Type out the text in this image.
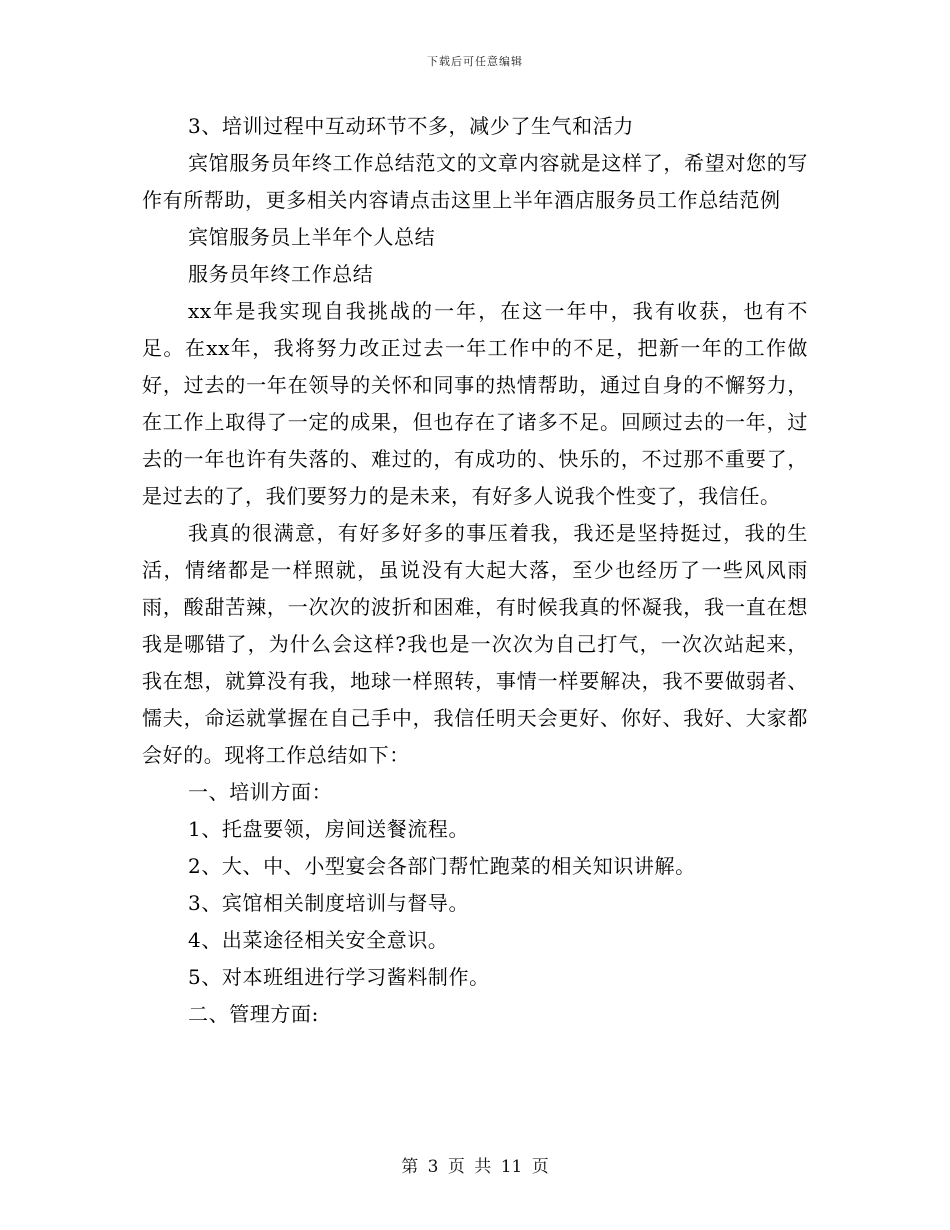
下载后可任意编辑

3、培训过程中互动环节不多，减少了生气和活力

宾馆服务员年终工作总结范文的文章内容就是这样了，希望对您的写作有所帮助，更多相关内容请点击这里上半年酒店服务员工作总结范例

宾馆服务员上半年个人总结

服务员年终工作总结

xx年是我实现自我挑战的一年，在这一年中，我有收获，也有不足。在xx年，我将努力改正过去一年工作中的不足，把新一年的工作做好，过去的一年在领导的关怀和同事的热情帮助，通过自身的不懈努力，在工作上取得了一定的成果，但也存在了诸多不足。回顾过去的一年，过去的一年也许有失落的、难过的，有成功的、快乐的，不过那不重要了，是过去的了，我们要努力的是未来，有好多人说我个性变了，我信任。

我真的很满意，有好多好多的事压着我，我还是坚持挺过，我的生活，情绪都是一样照就，虽说没有大起大落，至少也经历了一些风风雨雨，酸甜苦辣，一次次的波折和困难，有时候我真的怀凝我，我一直在想我是哪错了，为什么会这样?我也是一次次为自己打气，一次次站起来，我在想，就算没有我，地球一样照转，事情一样要解决，我不要做弱者、懦夫，命运就掌握在自己手中，我信任明天会更好、你好、我好、大家都会好的。现将工作总结如下：

一、培训方面：

1、托盘要领，房间送餐流程。

2、大、中、小型宴会各部门帮忙跑菜的相关知识讲解。

3、宾馆相关制度培训与督导。

4、出菜途径相关安全意识。

5、对本班组进行学习酱料制作。

二、管理方面:

第 3 页 共 11 页
